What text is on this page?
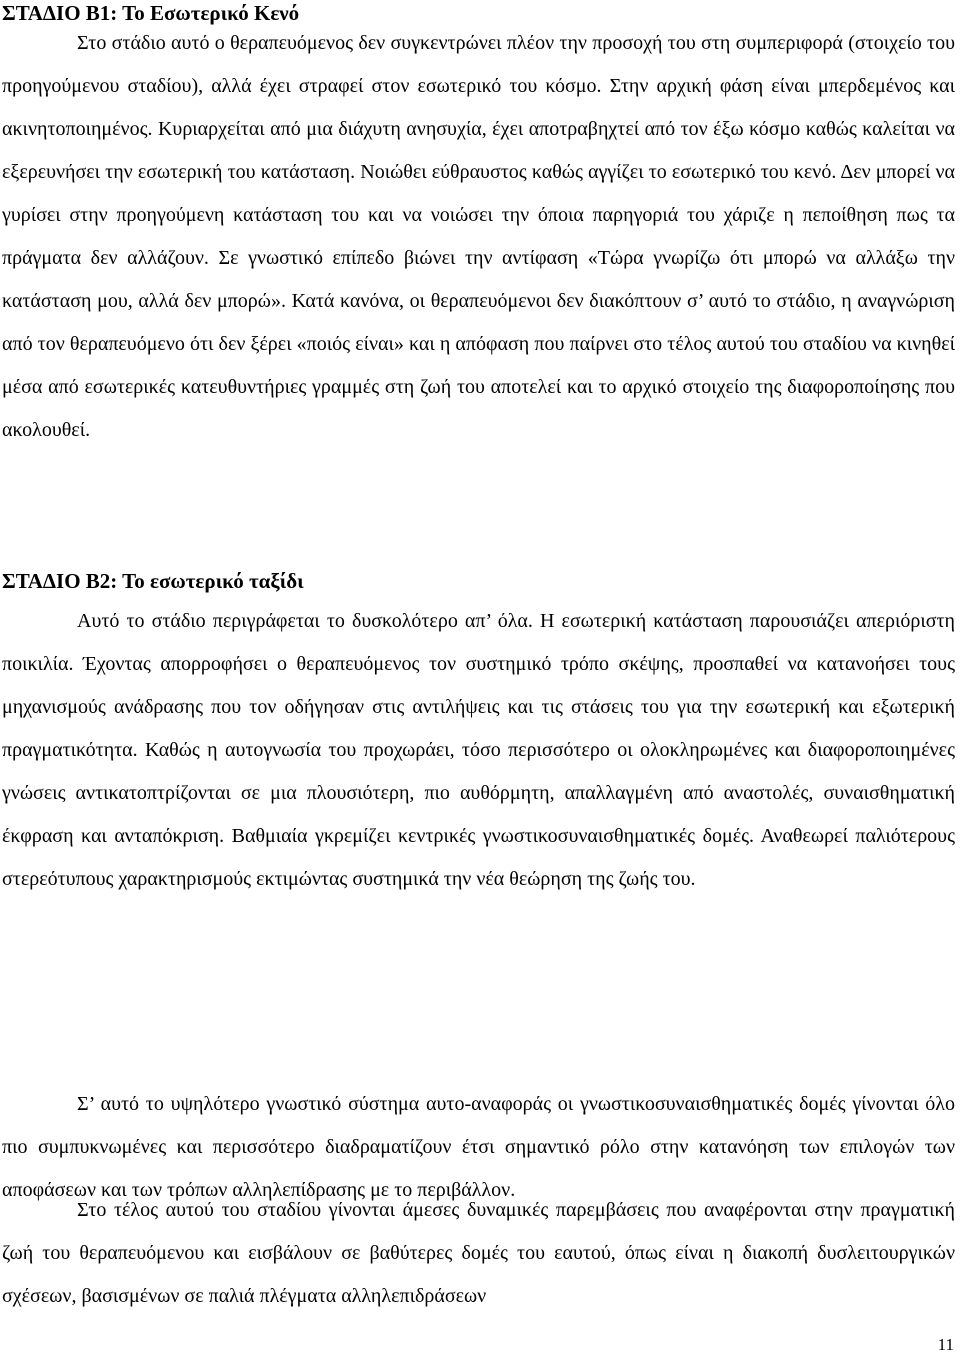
ΣΤΑΔΙΟ Β1: Το Εσωτερικό Κενό

Στο στάδιο αυτό ο θεραπευόμενος δεν συγκεντρώνει πλέον την προσοχή του στη συμπεριφορά (στοιχείο του προηγούμενου σταδίου), αλλά έχει στραφεί στον εσωτερικό του κόσμο. Στην αρχική φάση είναι μπερδεμένος και ακινητοποιημένος. Κυριαρχείται από μια διάχυτη ανησυχία, έχει αποτραβηχτεί από τον έξω κόσμο καθώς καλείται να εξερευνήσει την εσωτερική του κατάσταση. Νοιώθει εύθραυστος καθώς αγγίζει το εσωτερικό του κενό. Δεν μπορεί να γυρίσει στην προηγούμενη κατάσταση του και να νοιώσει την όποια παρηγοριά του χάριζε η πεποίθηση πως τα πράγματα δεν αλλάζουν. Σε γνωστικό επίπεδο βιώνει την αντίφαση «Τώρα γνωρίζω ότι μπορώ να αλλάξω την κατάσταση μου, αλλά δεν μπορώ». Κατά κανόνα, οι θεραπευόμενοι δεν διακόπτουν σ’ αυτό το στάδιο, η αναγνώριση από τον θεραπευόμενο ότι δεν ξέρει «ποιός είναι» και η απόφαση που παίρνει στο τέλος αυτού του σταδίου να κινηθεί μέσα από εσωτερικές κατευθυντήριες γραμμές στη ζωή του αποτελεί και το αρχικό στοιχείο της διαφοροποίησης που ακολουθεί.

ΣΤΑΔΙΟ Β2: Το εσωτερικό ταξίδι

Αυτό το στάδιο περιγράφεται το δυσκολότερο απ’ όλα. Η εσωτερική κατάσταση παρουσιάζει απεριόριστη ποικιλία. Έχοντας απορροφήσει ο θεραπευόμενος τον συστημικό τρόπο σκέψης, προσπαθεί να κατανοήσει τους μηχανισμούς ανάδρασης που τον οδήγησαν στις αντιλήψεις και τις στάσεις του για την εσωτερική και εξωτερική πραγματικότητα. Καθώς η αυτογνωσία του προχωράει, τόσο περισσότερο οι ολοκληρωμένες και διαφοροποιημένες γνώσεις αντικατοπτρίζονται σε μια πλουσιότερη, πιο αυθόρμητη, απαλλαγμένη από αναστολές, συναισθηματική έκφραση και ανταπόκριση. Βαθμιαία γκρεμίζει κεντρικές γνωστικοσυναισθηματικές δομές. Αναθεωρεί παλιότερους στερεότυπους χαρακτηρισμούς εκτιμώντας συστημικά την νέα θεώρηση της ζωής του.

Σ’ αυτό το υψηλότερο γνωστικό σύστημα αυτο-αναφοράς οι γνωστικοσυναισθηματικές δομές γίνονται όλο πιο συμπυκνωμένες και περισσότερο διαδραματίζουν έτσι σημαντικό ρόλο στην κατανόηση των επιλογών των αποφάσεων και των τρόπων αλληλεπίδρασης με το περιβάλλον.

Στο τέλος αυτού του σταδίου γίνονται άμεσες δυναμικές παρεμβάσεις που αναφέρονται στην πραγματική ζωή του θεραπευόμενου και εισβάλουν σε βαθύτερες δομές του εαυτού, όπως είναι η διακοπή δυσλειτουργικών σχέσεων, βασισμένων σε παλιά πλέγματα αλληλεπιδράσεων

11
